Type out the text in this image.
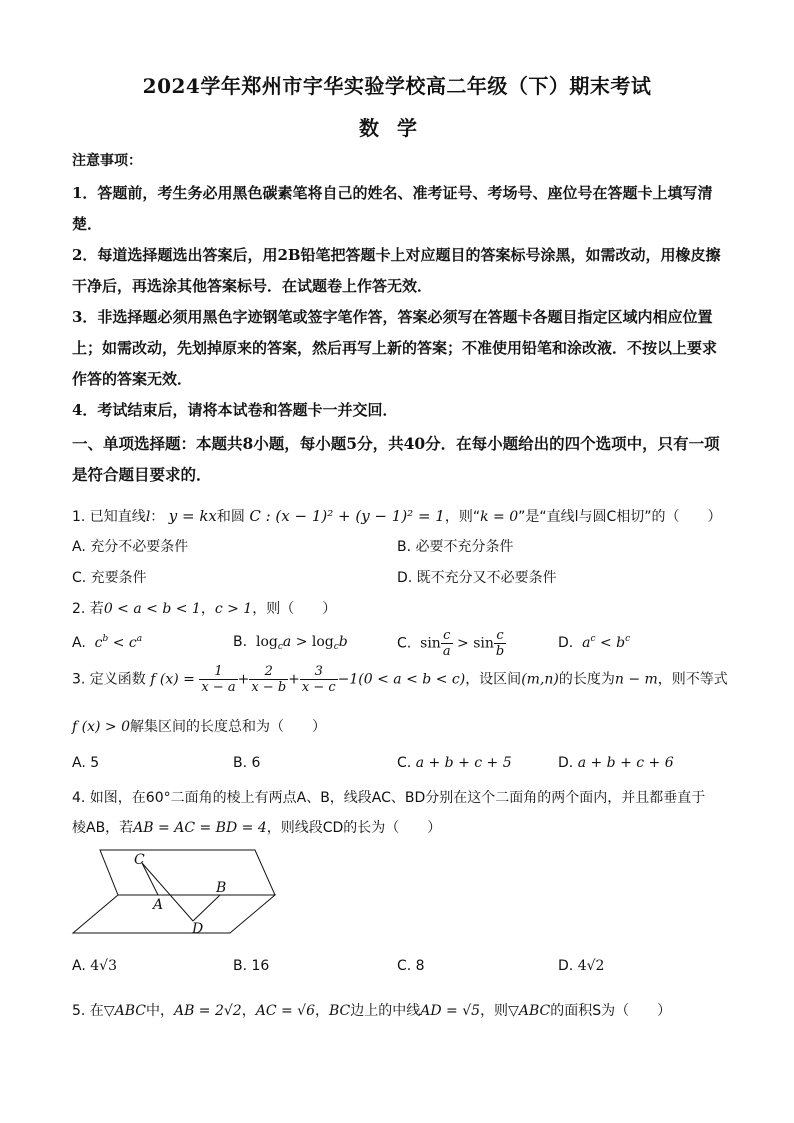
2024学年郑州市宇华实验学校高二年级（下）期末考试
数学
注意事项：
1．答题前，考生务必用黑色碳素笔将自己的姓名、准考证号、考场号、座位号在答题卡上填写清楚．
2．每道选择题选出答案后，用2B铅笔把答题卡上对应题目的答案标号涂黑，如需改动，用橡皮擦干净后，再选涂其他答案标号．在试题卷上作答无效．
3．非选择题必须用黑色字迹钢笔或签字笔作答，答案必须写在答题卡各题目指定区域内相应位置上；如需改动，先划掉原来的答案，然后再写上新的答案；不准使用铅笔和涂改液．不按以上要求作答的答案无效．
4．考试结束后，请将本试卷和答题卡一并交回．
一、单项选择题：本题共8小题，每小题5分，共40分．在每小题给出的四个选项中，只有一项是符合题目要求的．
1. 已知直线l： y = kx和圆 C : (x − 1)² + (y − 1)² = 1，则“k = 0”是“直线l与圆C相切”的（　　）
A. 充分不必要条件	B. 必要不充分条件
C. 充要条件	D. 既不充分又不必要条件
2. 若0 < a < b < 1，c > 1，则（　　）
A.  $c^b < c^a$	B.  $\log_ca > \log_cb$	C.  $\sin \frac{c}{a} > \sin \frac{c}{b}$	D.  $a^c < b^c$
3. 定义函数 f $(x) = \frac{1}{x - a} + \frac{2}{x - b} + \frac{3}{x - c} -1(0 < a < b < c)$，设区间(m,n)的长度为n − m，则不等式
f (x) > 0解集区间的长度总和为（　　）
A. 5	B. 6	C. a + b + c + 5	D. a + b + c + 6
4. 如图，在60°二面角的棱上有两点A、B，线段AC、BD分别在这个二面角的两个面内，并且都垂直于
棱AB，若AB = AC = BD = 4，则线段CD的长为（　　）
C
B
A
D
A. 4√3	B. 16	C. 8	D. 4√2
5. 在▽ABC中，AB = 2√2，AC = √6，BC边上的中线AD = √5，则▽ABC的面积S为（　　）
